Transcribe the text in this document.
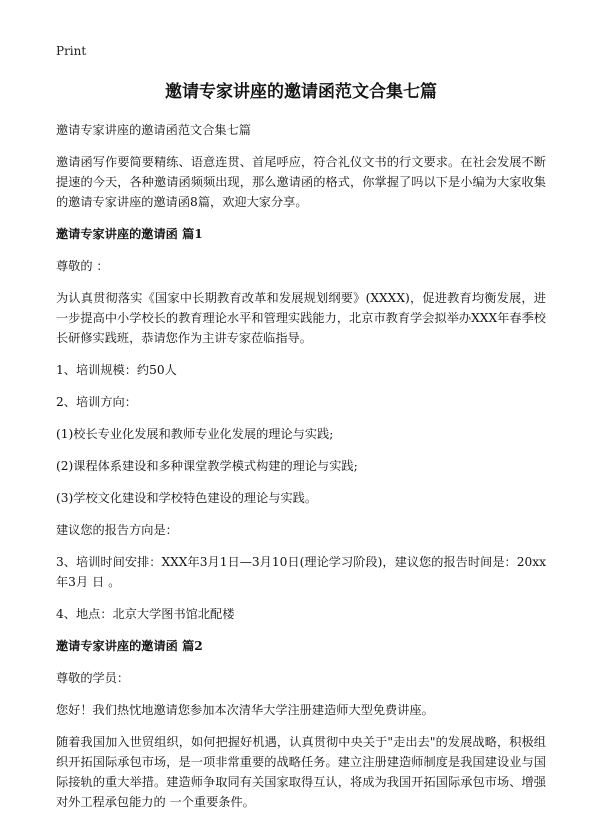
Print
邀请专家讲座的邀请函范文合集七篇

邀请专家讲座的邀请函范文合集七篇

邀请函写作要简要精练、语意连贯、首尾呼应，符合礼仪文书的行文要求。在社会发展不断提速的今天，各种邀请函频频出现，那么邀请函的格式，你掌握了吗以下是小编为大家收集的邀请专家讲座的邀请函8篇，欢迎大家分享。

邀请专家讲座的邀请函 篇1

尊敬的 ：

为认真贯彻落实《国家中长期教育改革和发展规划纲要》(XXXX)，促进教育均衡发展，进一步提高中小学校长的教育理论水平和管理实践能力，北京市教育学会拟举办XXX年春季校长研修实践班，恭请您作为主讲专家莅临指导。

1、培训规模：约50人

2、培训方向：

(1)校长专业化发展和教师专业化发展的理论与实践;

(2)课程体系建设和多种课堂教学模式构建的理论与实践;

(3)学校文化建设和学校特色建设的理论与实践。

建议您的报告方向是：

3、培训时间安排：XXX年3月1日—3月10日(理论学习阶段)，建议您的报告时间是：20xx年3月 日 。

4、地点：北京大学图书馆北配楼

邀请专家讲座的邀请函 篇2

尊敬的学员：

您好！我们热忱地邀请您参加本次清华大学注册建造师大型免费讲座。

随着我国加入世贸组织，如何把握好机遇，认真贯彻中央关于"走出去"的发展战略，积极组织开拓国际承包市场，是一项非常重要的战略任务。建立注册建造师制度是我国建设业与国际接轨的重大举措。建造师争取同有关国家取得互认，将成为我国开拓国际承包市场、增强对外工程承包能力的 一个重要条件。
